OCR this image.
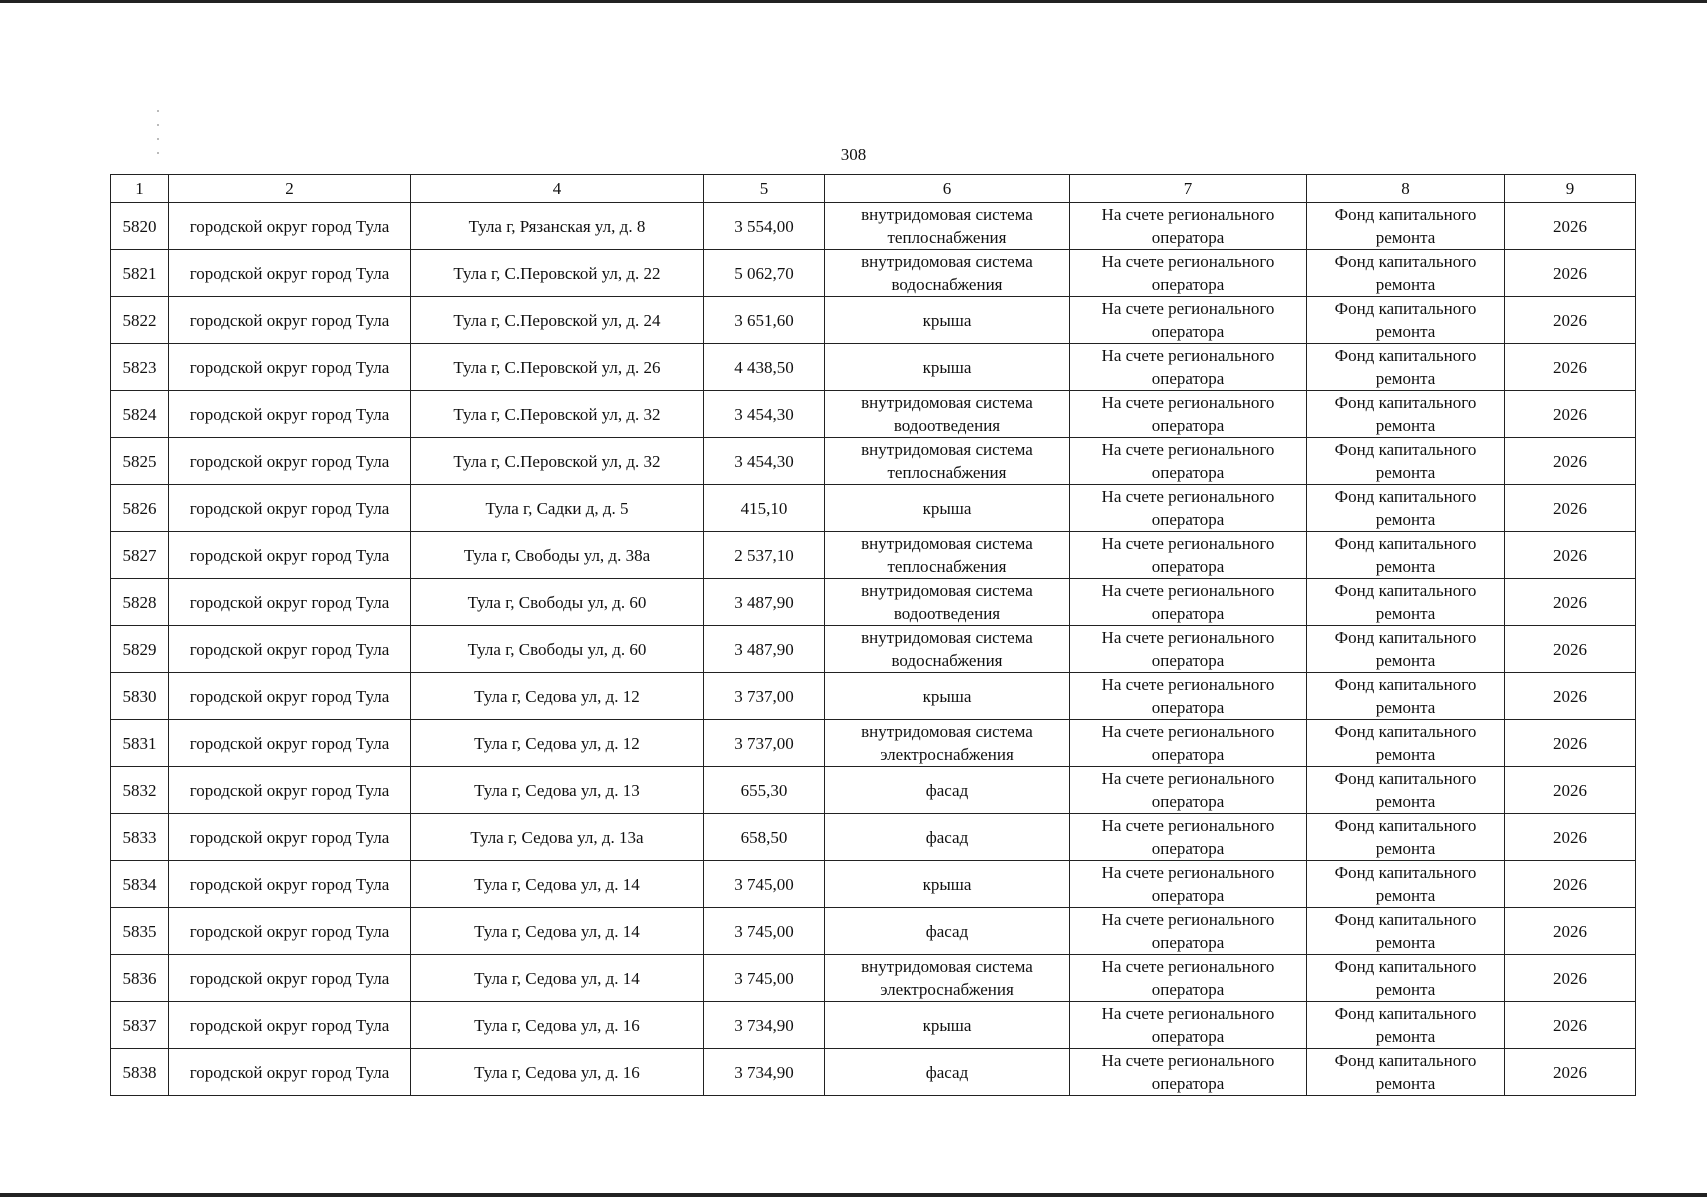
308
1	2	4	5	6	7	8	9
5820	городской округ город Тула	Тула г, Рязанская ул, д. 8	3 554,00	внутридомовая система теплоснабжения	На счете регионального оператора	Фонд капитального ремонта	2026
5821	городской округ город Тула	Тула г, С.Перовской ул, д. 22	5 062,70	внутридомовая система водоснабжения	На счете регионального оператора	Фонд капитального ремонта	2026
5822	городской округ город Тула	Тула г, С.Перовской ул, д. 24	3 651,60	крыша	На счете регионального оператора	Фонд капитального ремонта	2026
5823	городской округ город Тула	Тула г, С.Перовской ул, д. 26	4 438,50	крыша	На счете регионального оператора	Фонд капитального ремонта	2026
5824	городской округ город Тула	Тула г, С.Перовской ул, д. 32	3 454,30	внутридомовая система водоотведения	На счете регионального оператора	Фонд капитального ремонта	2026
5825	городской округ город Тула	Тула г, С.Перовской ул, д. 32	3 454,30	внутридомовая система теплоснабжения	На счете регионального оператора	Фонд капитального ремонта	2026
5826	городской округ город Тула	Тула г, Садки д, д. 5	415,10	крыша	На счете регионального оператора	Фонд капитального ремонта	2026
5827	городской округ город Тула	Тула г, Свободы ул, д. 38а	2 537,10	внутридомовая система теплоснабжения	На счете регионального оператора	Фонд капитального ремонта	2026
5828	городской округ город Тула	Тула г, Свободы ул, д. 60	3 487,90	внутридомовая система водоотведения	На счете регионального оператора	Фонд капитального ремонта	2026
5829	городской округ город Тула	Тула г, Свободы ул, д. 60	3 487,90	внутридомовая система водоснабжения	На счете регионального оператора	Фонд капитального ремонта	2026
5830	городской округ город Тула	Тула г, Седова ул, д. 12	3 737,00	крыша	На счете регионального оператора	Фонд капитального ремонта	2026
5831	городской округ город Тула	Тула г, Седова ул, д. 12	3 737,00	внутридомовая система электроснабжения	На счете регионального оператора	Фонд капитального ремонта	2026
5832	городской округ город Тула	Тула г, Седова ул, д. 13	655,30	фасад	На счете регионального оператора	Фонд капитального ремонта	2026
5833	городской округ город Тула	Тула г, Седова ул, д. 13а	658,50	фасад	На счете регионального оператора	Фонд капитального ремонта	2026
5834	городской округ город Тула	Тула г, Седова ул, д. 14	3 745,00	крыша	На счете регионального оператора	Фонд капитального ремонта	2026
5835	городской округ город Тула	Тула г, Седова ул, д. 14	3 745,00	фасад	На счете регионального оператора	Фонд капитального ремонта	2026
5836	городской округ город Тула	Тула г, Седова ул, д. 14	3 745,00	внутридомовая система электроснабжения	На счете регионального оператора	Фонд капитального ремонта	2026
5837	городской округ город Тула	Тула г, Седова ул, д. 16	3 734,90	крыша	На счете регионального оператора	Фонд капитального ремонта	2026
5838	городской округ город Тула	Тула г, Седова ул, д. 16	3 734,90	фасад	На счете регионального оператора	Фонд капитального ремонта	2026
